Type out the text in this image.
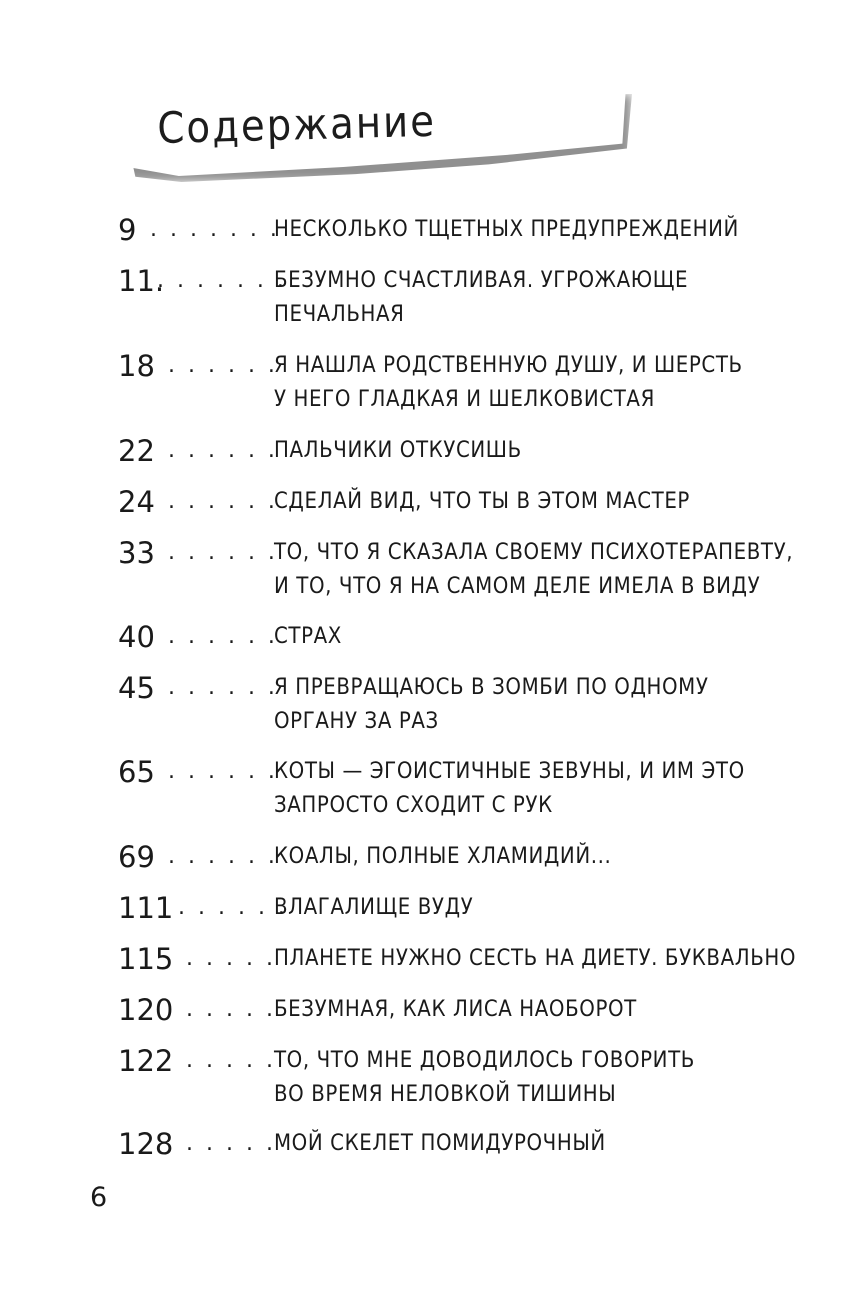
Содержание
9 . . . . . . .
НЕСКОЛЬКО ТЩЕТНЫХ ПРЕДУПРЕЖДЕНИЙ
11.
. . . . . . .
БЕЗУМНО СЧАСТЛИВАЯ. УГРОЖАЮЩЕ
ПЕЧАЛЬНАЯ
18 . . . . . .
Я НАШЛА РОДСТВЕННУЮ ДУШУ, И ШЕРСТЬ
У НЕГО ГЛАДКАЯ И ШЕЛКОВИСТАЯ
22 . . . . . .
ПАЛЬЧИКИ ОТКУСИШЬ
24 . . . . . .
СДЕЛАЙ ВИД, ЧТО ТЫ В ЭТОМ МАСТЕР
33 . . . . . .
ТО, ЧТО Я СКАЗАЛА СВОЕМУ ПСИХОТЕРАПЕВТУ,
И ТО, ЧТО Я НА САМОМ ДЕЛЕ ИМЕЛА В ВИДУ
40 . . . . . .
СТРАХ
45 . . . . . .
Я ПРЕВРАЩАЮСЬ В ЗОМБИ ПО ОДНОМУ
ОРГАНУ ЗА РАЗ
65 . . . . . .
КОТЫ — ЭГОИСТИЧНЫЕ ЗЕВУНЫ, И ИМ ЭТО
ЗАПРОСТО СХОДИТ С РУК
69 . . . . . .
КОАЛЫ, ПОЛНЫЕ ХЛАМИДИЙ...
111 . . . . . .
ВЛАГАЛИЩЕ ВУДУ
115 . . . . .
ПЛАНЕТЕ НУЖНО СЕСТЬ НА ДИЕТУ. БУКВАЛЬНО
120 . . . . .
БЕЗУМНАЯ, КАК ЛИСА НАОБОРОТ
122 . . . . .
ТО, ЧТО МНЕ ДОВОДИЛОСЬ ГОВОРИТЬ
ВО ВРЕМЯ НЕЛОВКОЙ ТИШИНЫ
128 . . . . .
МОЙ СКЕЛЕТ ПОМИДУРОЧНЫЙ
6
